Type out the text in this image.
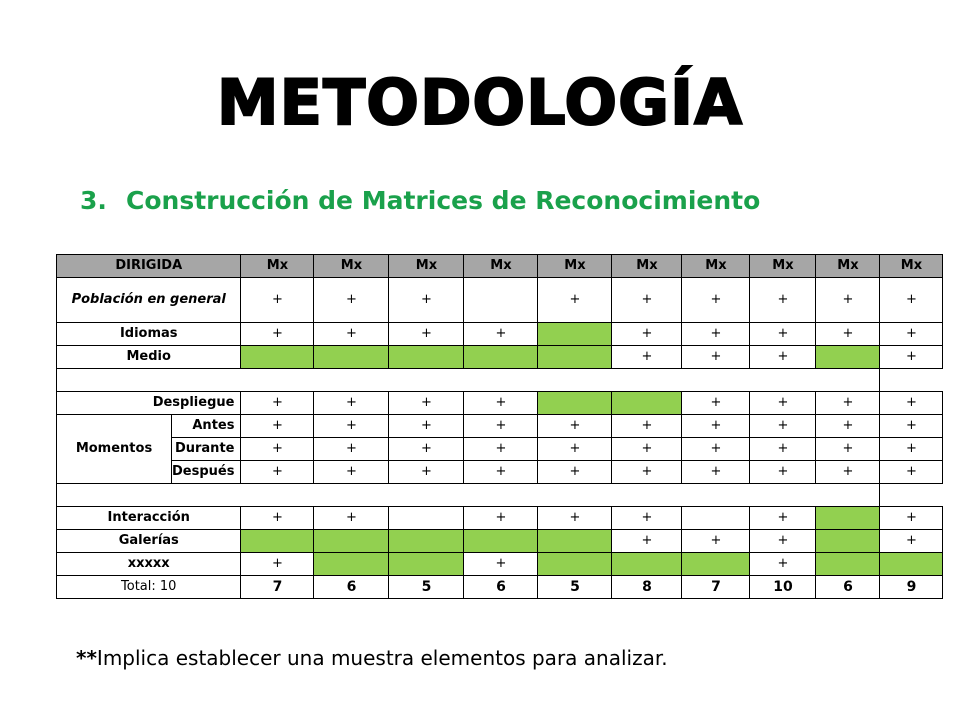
METODOLOGÍA
3. Construcción de Matrices de Reconocimiento
DIRIGIDA		Mx	Mx	Mx	Mx	Mx	Mx	Mx	Mx	Mx	Mx
Población en general		+	+	+		+	+	+	+	+	+
Idiomas		+	+	+	+		+	+	+	+	+
Medio							+	+	+		+

Despliegue		+	+	+	+			+	+	+	+
Momentos	Antes	+	+	+	+	+	+	+	+	+	+
	Durante	+	+	+	+	+	+	+	+	+	+
	Después	+	+	+	+	+	+	+	+	+	+

Interacción		+	+		+	+	+		+		+
Galerías							+	+	+		+
xxxxx		+			+				+		
Total: 10		7	6	5	6	5	8	7	10	6	9
**Implica establecer una muestra elementos para analizar.
